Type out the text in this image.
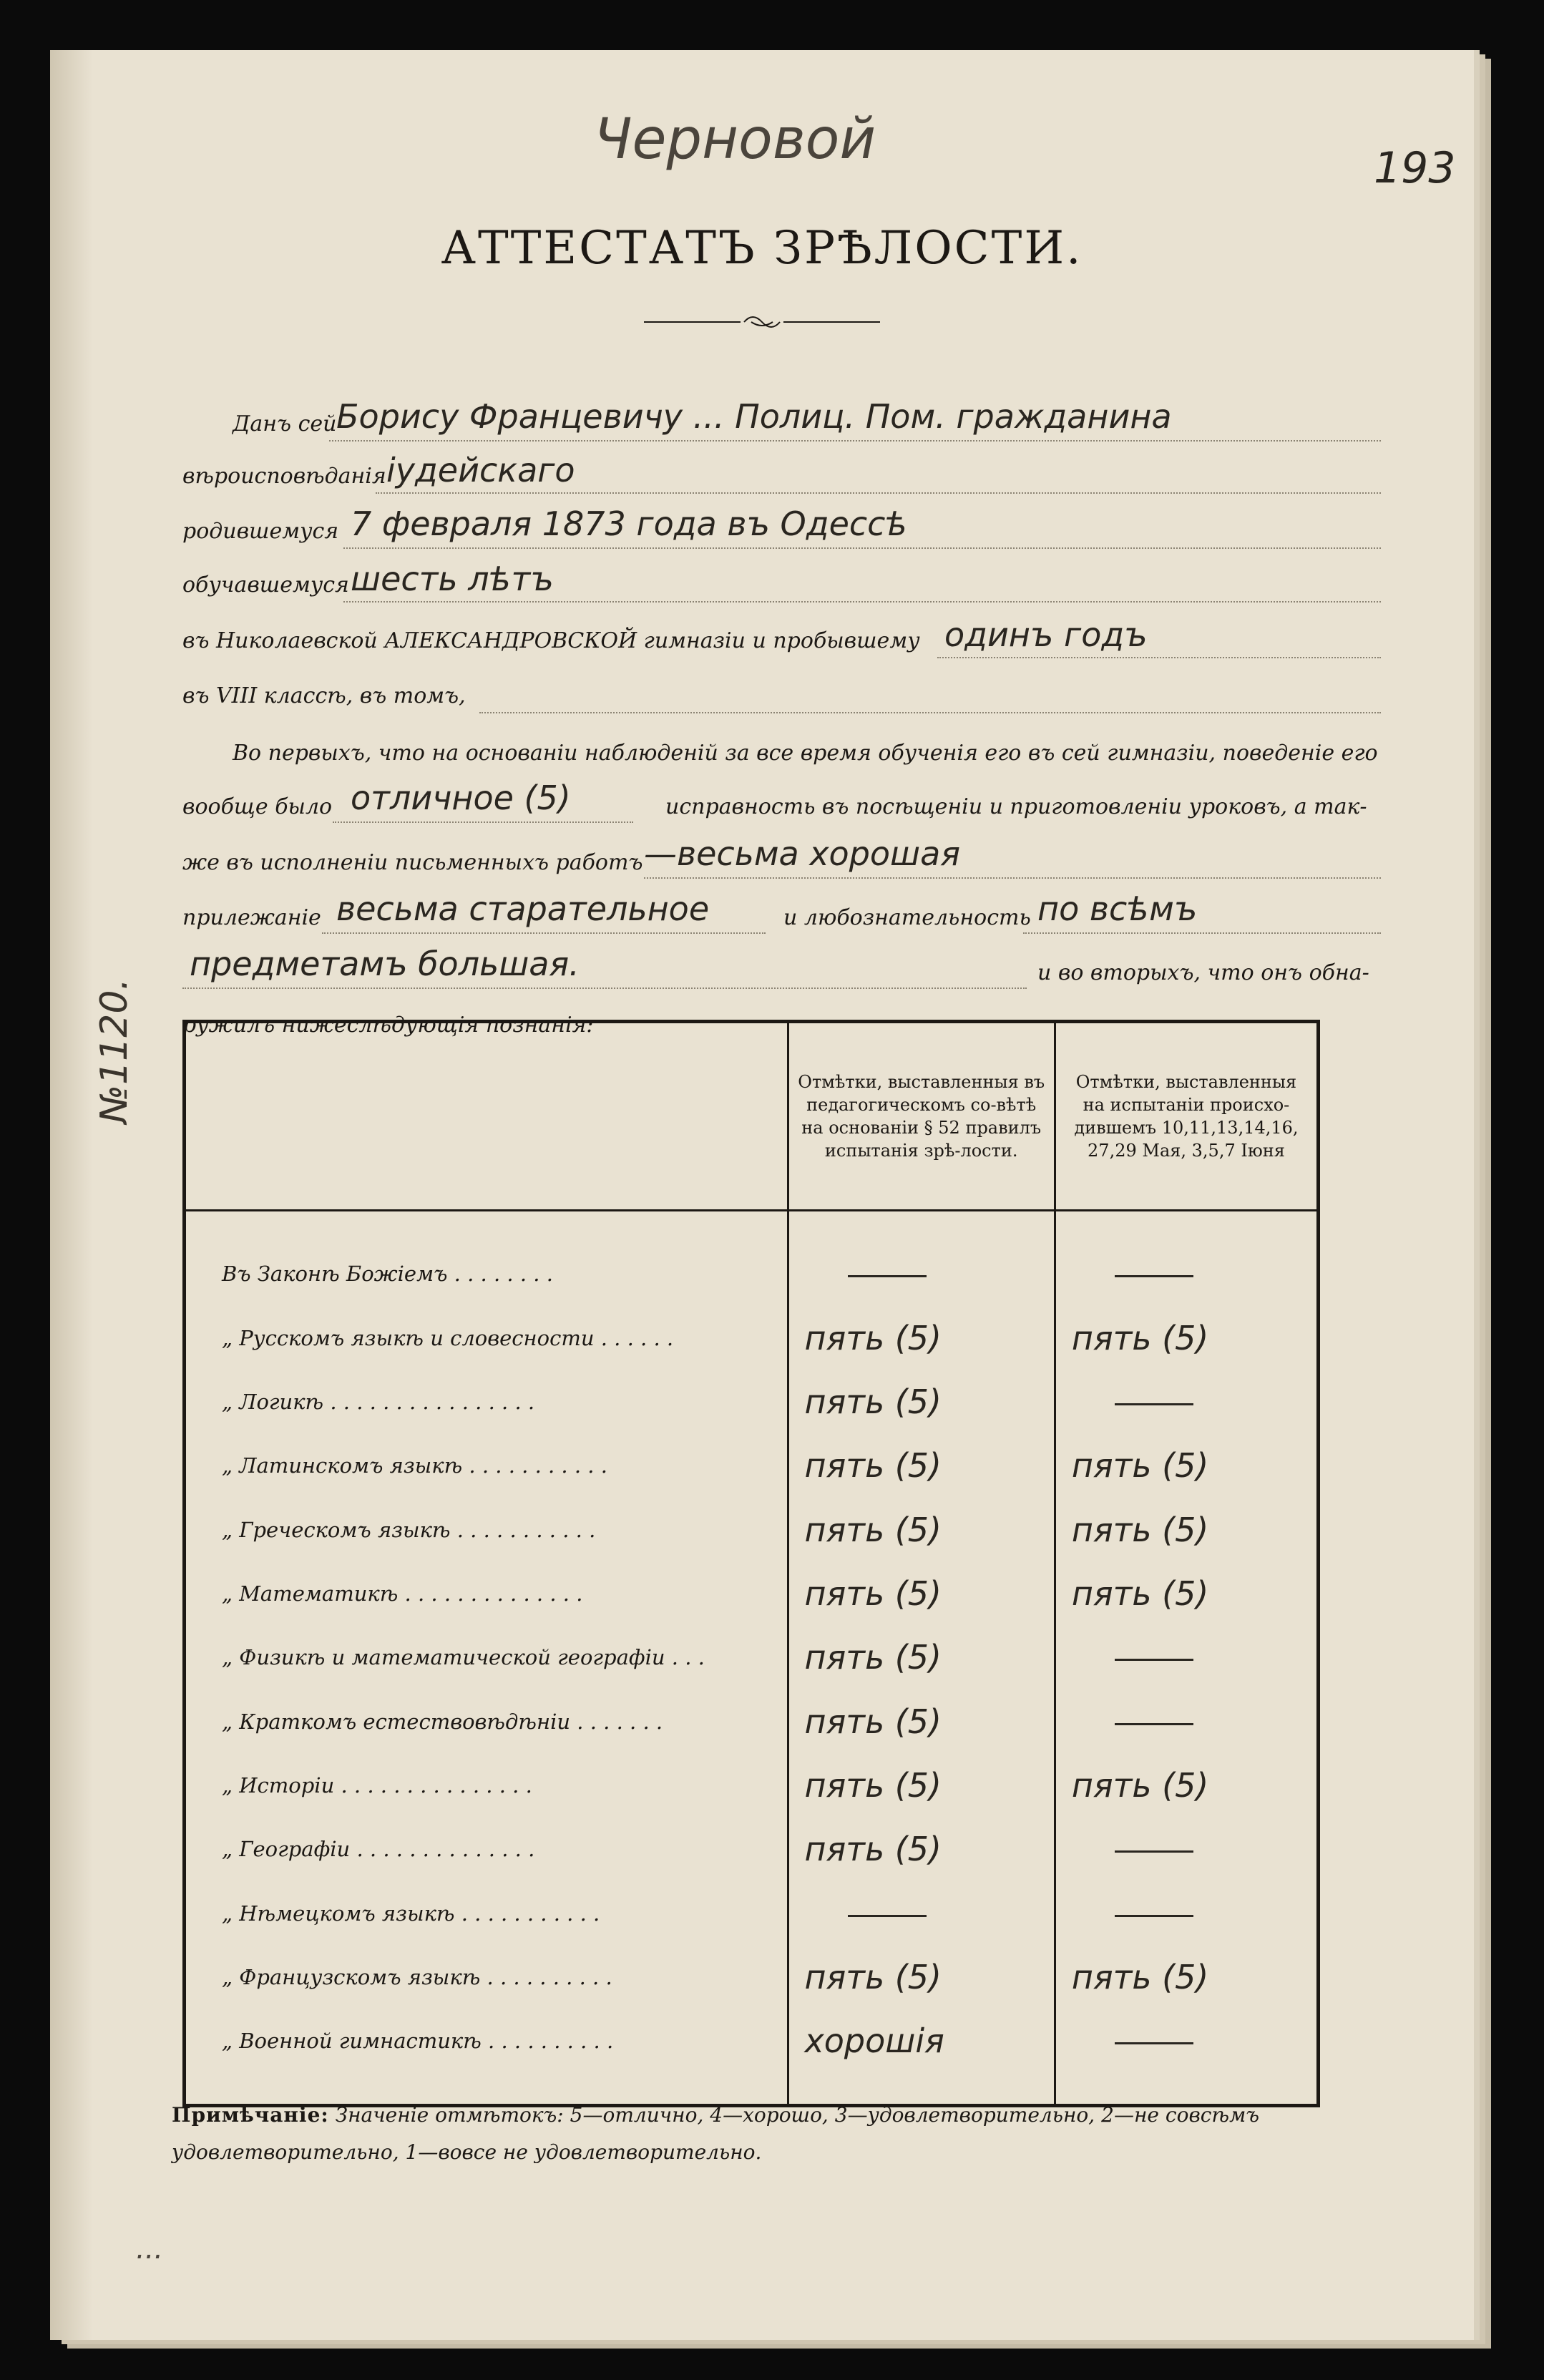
Черновой	193
№1120.
АТТЕСТАТЪ ЗРѢЛОСТИ.
Данъ сей Борису Францевичу ... Полиц. Пом. гражданина
вѣроисповѣданія іудейскаго
родившемуся 7 февраля 1873 года въ Одессѣ
обучавшемуся шесть лѣтъ
въ Николаевской АЛЕКСАНДРОВСКОЙ гимназіи и пробывшему одинъ годъ
въ VIII классѣ, въ томъ,
Во первыхъ, что на основаніи наблюденій за все время обученія его въ сей гимназіи, поведеніе его
вообще было отличное (5)	исправность въ посѣщеніи и приготовленіи уроковъ, а так-
же въ исполненіи письменныхъ работъ —весьма хорошая
прилежаніе весьма старательное	и любознательность по всѣмъ
предметамъ большая.	и во вторыхъ, что онъ обна-
ружилъ нижеслѣдующія познанія:
	Отмѣтки, выставленныя въ педагогическомъ со-вѣтѣ на основаніи § 52 правилъ испытанія зрѣ-лости.	Отмѣтки, выставленныя на испытаніи происхо-дившемъ 10,11,13,14,16, 27,29 Мая, 3,5,7 Іюня

Въ Законѣ Божіемъ . . . . . . . .		
„ Русскомъ языкѣ и словесности . . . . . .	пять (5)	пять (5)
„ Логикѣ . . . . . . . . . . . . . . . .	пять (5)	
„ Латинскомъ языкѣ . . . . . . . . . . .	пять (5)	пять (5)
„ Греческомъ языкѣ . . . . . . . . . . .	пять (5)	пять (5)
„ Математикѣ . . . . . . . . . . . . . .	пять (5)	пять (5)
„ Физикѣ и математической географіи . . .	пять (5)	
„ Краткомъ естествовѣдѣніи . . . . . . .	пять (5)	
„ Исторіи . . . . . . . . . . . . . . .	пять (5)	пять (5)
„ Географіи . . . . . . . . . . . . . .	пять (5)	
„ Нѣмецкомъ языкѣ . . . . . . . . . . .		
„ Французскомъ языкѣ . . . . . . . . . .	пять (5)	пять (5)
„ Военной гимнастикѣ . . . . . . . . . .	хорошія	

Примѣчаніе: Значеніе отмѣтокъ: 5—отлично, 4—хорошо, 3—удовлетворительно, 2—не совсѣмъ удовлетворительно, 1—вовсе не удовлетворительно.
...
